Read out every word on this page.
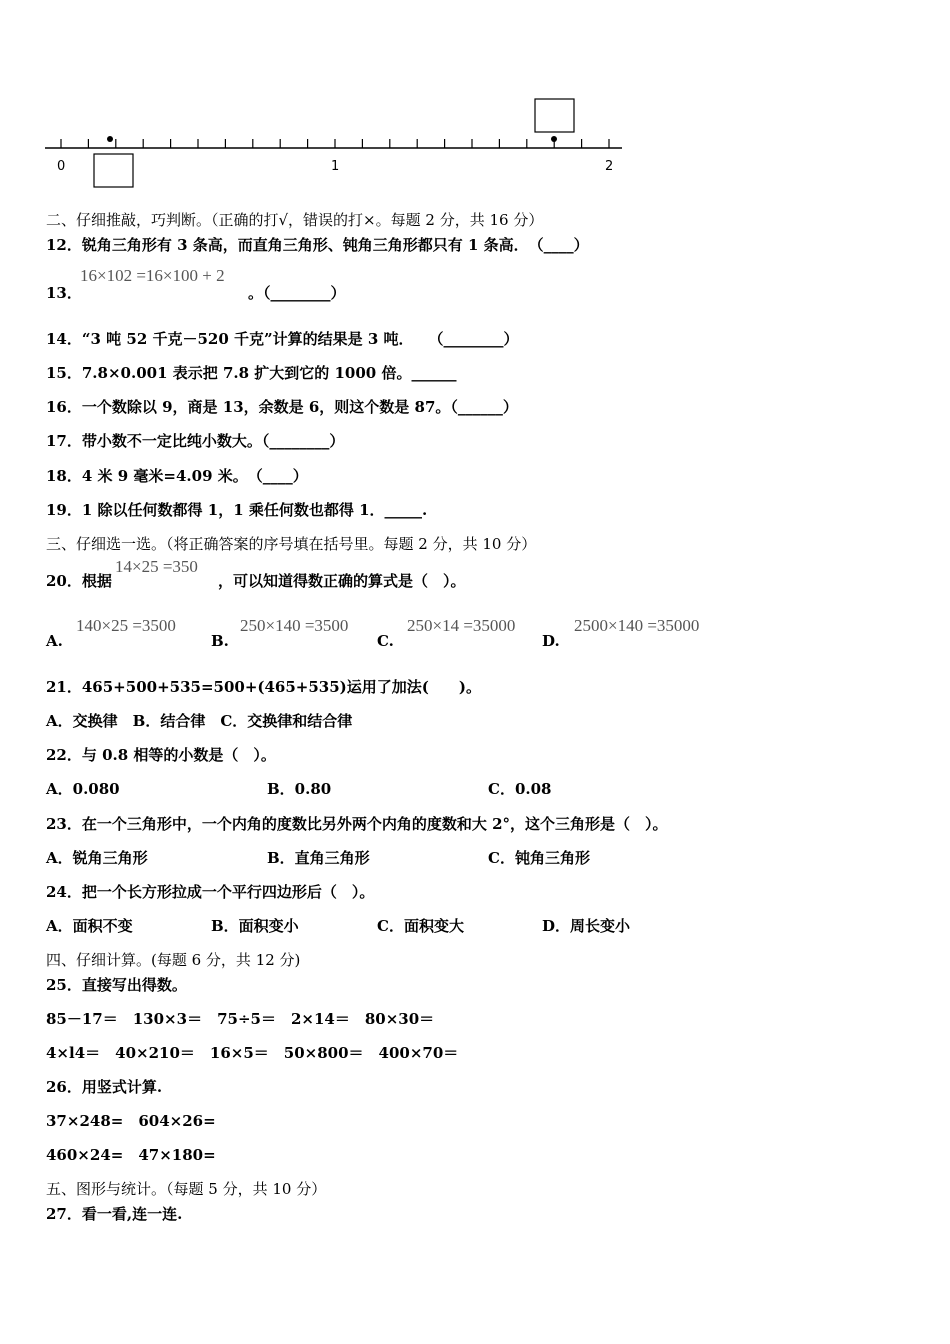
0	1	2
二、仔细推敲，巧判断。（正确的打√，错误的打×。每题 2 分，共 16 分）
12．锐角三角形有 3 条高，而直角三角形、钝角三角形都只有 1 条高．　（____）
13．
16×102 =16×100 + 2
。（________）
14．“3 吨 52 千克－520 千克”计算的结果是 3 吨．　　（________）
15．7.8×0.001 表示把 7.8 扩大到它的 1000 倍。______
16．一个数除以 9，商是 13，余数是 6，则这个数是 87。（______）
17．带小数不一定比纯小数大。（________）
18．4 米 9 毫米=4.09 米。　（____）
19．1 除以任何数都得 1，1 乘任何数也都得 1．_____.
三、仔细选一选。（将正确答案的序号填在括号里。每题 2 分，共 10 分）
20．根据
14×25 =350
，可以知道得数正确的算式是（　）。
A.
140×25 =3500
B.
250×140 =3500
C.
250×14 =35000
D.
2500×140 =35000
21．465+500+535=500+(465+535)运用了加法(　　)。
A．交换律　B．结合律　C．交换律和结合律
22．与 0.8 相等的小数是（　）。
A．0.080	B．0.80	C．0.08
23．在一个三角形中，一个内角的度数比另外两个内角的度数和大 2°，这个三角形是（　）。
A．锐角三角形	B．直角三角形	C．钝角三角形
24．把一个长方形拉成一个平行四边形后（　）。
A．面积不变	B．面积变小	C．面积变大	D．周长变小
四、仔细计算。(每题 6 分，共 12 分)
25．直接写出得数。
85－17＝　130×3＝　75÷5＝　2×14＝　80×30＝
4×l4＝　40×210＝　16×5＝　50×800＝　400×70＝
26．用竖式计算.
37×248=　604×26=
460×24=　47×180=
五、图形与统计。（每题 5 分，共 10 分）
27．看一看,连一连.
